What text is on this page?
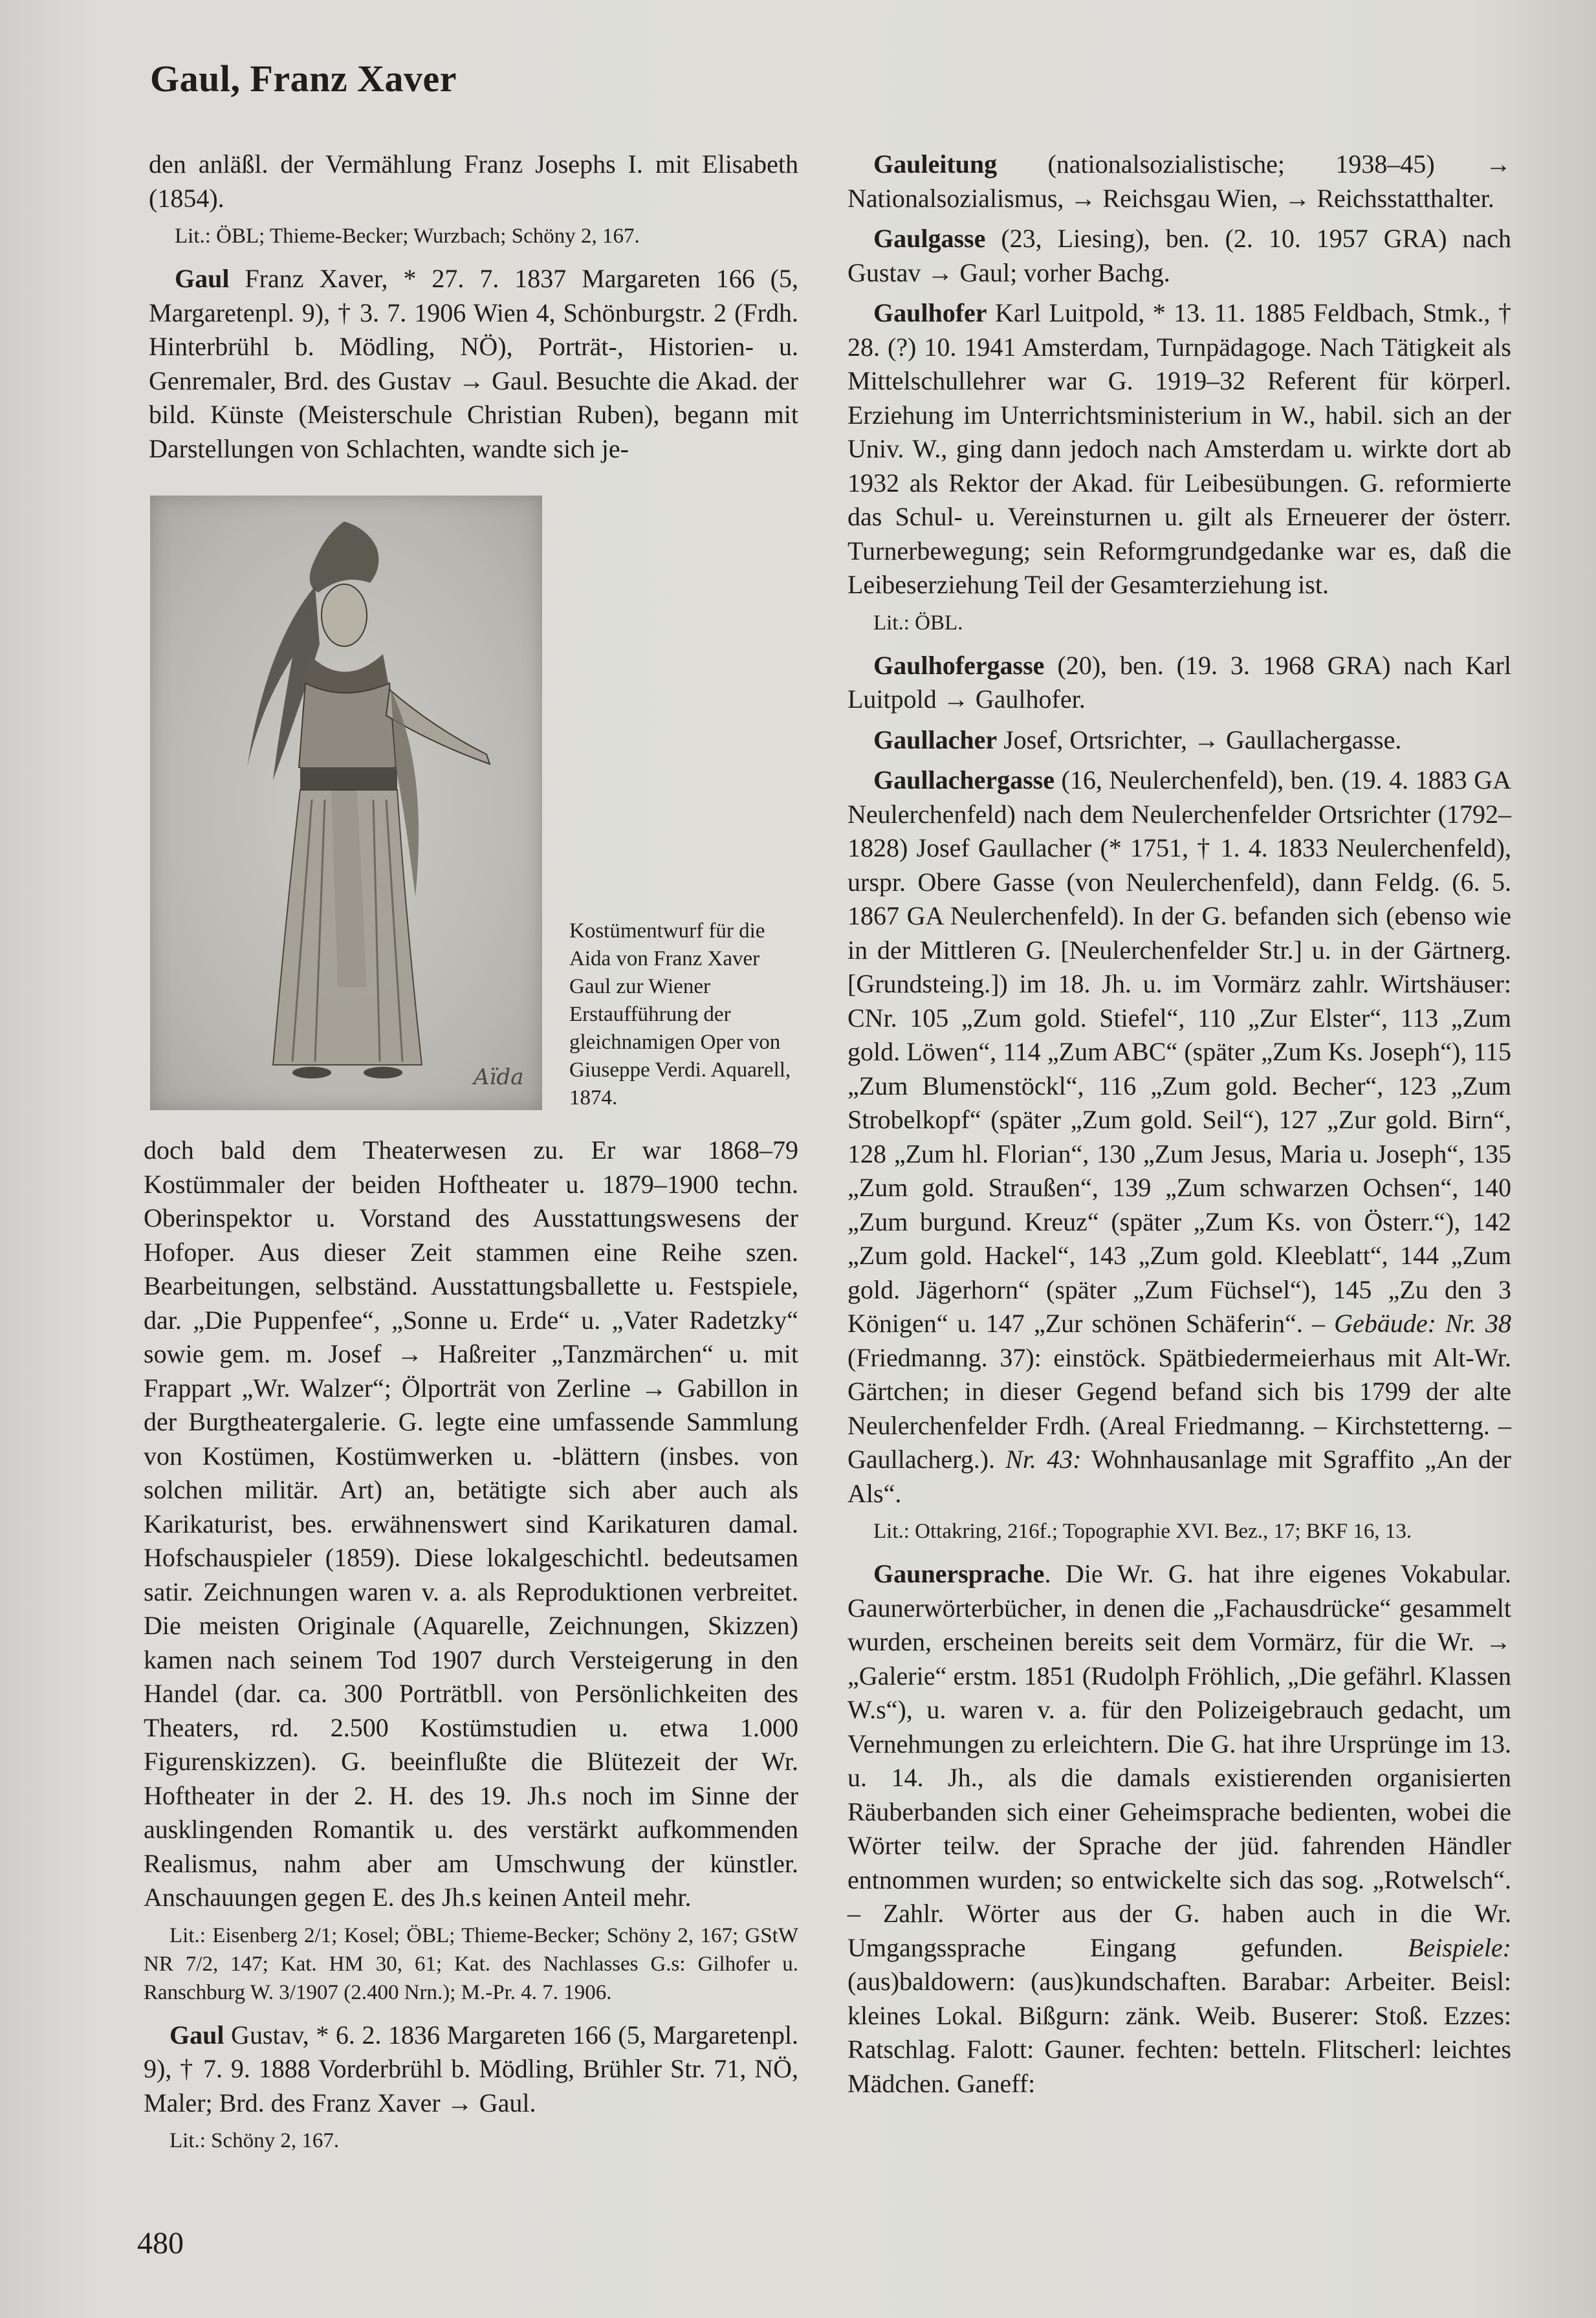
Gaul, Franz Xaver

den anläßl. der Vermählung Franz Josephs I. mit Elisabeth (1854).

Lit.: ÖBL; Thieme-Becker; Wurzbach; Schöny 2, 167.

Gaul Franz Xaver, * 27. 7. 1837 Margareten 166 (5, Margaretenpl. 9), † 3. 7. 1906 Wien 4, Schönburgstr. 2 (Frdh. Hinterbrühl b. Mödling, NÖ), Porträt-, Historien- u. Genremaler, Brd. des Gustav → Gaul. Besuchte die Akad. der bild. Künste (Meisterschule Christian Ruben), begann mit Darstellungen von Schlachten, wandte sich je-

Aïda
Kostümentwurf für die Aida von Franz Xaver Gaul zur Wiener Erstaufführung der gleichnamigen Oper von Giuseppe Verdi. Aquarell, 1874.

doch bald dem Theaterwesen zu. Er war 1868–79 Kostümmaler der beiden Hoftheater u. 1879–1900 techn. Oberinspektor u. Vorstand des Ausstattungswesens der Hofoper. Aus dieser Zeit stammen eine Reihe szen. Bearbeitungen, selbständ. Ausstattungsballette u. Festspiele, dar. „Die Puppenfee“, „Sonne u. Erde“ u. „Vater Radetzky“ sowie gem. m. Josef → Haßreiter „Tanzmärchen“ u. mit Frappart „Wr. Walzer“; Ölporträt von Zerline → Gabillon in der Burgtheatergalerie. G. legte eine umfassende Sammlung von Kostümen, Kostümwerken u. -blättern (insbes. von solchen militär. Art) an, betätigte sich aber auch als Karikaturist, bes. erwähnenswert sind Karikaturen damal. Hofschauspieler (1859). Diese lokalgeschichtl. bedeutsamen satir. Zeichnungen waren v. a. als Reproduktionen verbreitet. Die meisten Originale (Aquarelle, Zeichnungen, Skizzen) kamen nach seinem Tod 1907 durch Versteigerung in den Handel (dar. ca. 300 Porträtbll. von Persönlichkeiten des Theaters, rd. 2.500 Kostümstudien u. etwa 1.000 Figurenskizzen). G. beeinflußte die Blütezeit der Wr. Hoftheater in der 2. H. des 19. Jh.s noch im Sinne der ausklingenden Romantik u. des verstärkt aufkommenden Realismus, nahm aber am Umschwung der künstler. Anschauungen gegen E. des Jh.s keinen Anteil mehr.

Lit.: Eisenberg 2/1; Kosel; ÖBL; Thieme-Becker; Schöny 2, 167; GStW NR 7/2, 147; Kat. HM 30, 61; Kat. des Nachlasses G.s: Gilhofer u. Ranschburg W. 3/1907 (2.400 Nrn.); M.-Pr. 4. 7. 1906.

Gaul Gustav, * 6. 2. 1836 Margareten 166 (5, Margaretenpl. 9), † 7. 9. 1888 Vorderbrühl b. Mödling, Brühler Str. 71, NÖ, Maler; Brd. des Franz Xaver → Gaul.

Lit.: Schöny 2, 167.

Gauleitung (nationalsozialistische; 1938–45) → Nationalsozialismus, → Reichsgau Wien, → Reichsstatthalter.

Gaulgasse (23, Liesing), ben. (2. 10. 1957 GRA) nach Gustav → Gaul; vorher Bachg.

Gaulhofer Karl Luitpold, * 13. 11. 1885 Feldbach, Stmk., † 28. (?) 10. 1941 Amsterdam, Turnpädagoge. Nach Tätigkeit als Mittelschullehrer war G. 1919–32 Referent für körperl. Erziehung im Unterrichtsministerium in W., habil. sich an der Univ. W., ging dann jedoch nach Amsterdam u. wirkte dort ab 1932 als Rektor der Akad. für Leibesübungen. G. reformierte das Schul- u. Vereinsturnen u. gilt als Erneuerer der österr. Turnerbewegung; sein Reformgrundgedanke war es, daß die Leibeserziehung Teil der Gesamterziehung ist.

Lit.: ÖBL.

Gaulhofergasse (20), ben. (19. 3. 1968 GRA) nach Karl Luitpold → Gaulhofer.

Gaullacher Josef, Ortsrichter, → Gaullachergasse.

Gaullachergasse (16, Neulerchenfeld), ben. (19. 4. 1883 GA Neulerchenfeld) nach dem Neulerchenfelder Ortsrichter (1792–1828) Josef Gaullacher (* 1751, † 1. 4. 1833 Neulerchenfeld), urspr. Obere Gasse (von Neulerchenfeld), dann Feldg. (6. 5. 1867 GA Neulerchenfeld). In der G. befanden sich (ebenso wie in der Mittleren G. [Neulerchenfelder Str.] u. in der Gärtnerg. [Grundsteing.]) im 18. Jh. u. im Vormärz zahlr. Wirtshäuser: CNr. 105 „Zum gold. Stiefel“, 110 „Zur Elster“, 113 „Zum gold. Löwen“, 114 „Zum ABC“ (später „Zum Ks. Joseph“), 115 „Zum Blumenstöckl“, 116 „Zum gold. Becher“, 123 „Zum Strobelkopf“ (später „Zum gold. Seil“), 127 „Zur gold. Birn“, 128 „Zum hl. Florian“, 130 „Zum Jesus, Maria u. Joseph“, 135 „Zum gold. Straußen“, 139 „Zum schwarzen Ochsen“, 140 „Zum burgund. Kreuz“ (später „Zum Ks. von Österr.“), 142 „Zum gold. Hackel“, 143 „Zum gold. Kleeblatt“, 144 „Zum gold. Jägerhorn“ (später „Zum Füchsel“), 145 „Zu den 3 Königen“ u. 147 „Zur schönen Schäferin“. – Gebäude: Nr. 38 (Friedmanng. 37): einstöck. Spätbiedermeierhaus mit Alt-Wr. Gärtchen; in dieser Gegend befand sich bis 1799 der alte Neulerchenfelder Frdh. (Areal Friedmanng. – Kirchstetterng. – Gaullacherg.). Nr. 43: Wohnhausanlage mit Sgraffito „An der Als“.

Lit.: Ottakring, 216f.; Topographie XVI. Bez., 17; BKF 16, 13.

Gaunersprache. Die Wr. G. hat ihre eigenes Vokabular. Gaunerwörterbücher, in denen die „Fachausdrücke“ gesammelt wurden, erscheinen bereits seit dem Vormärz, für die Wr. → „Galerie“ erstm. 1851 (Rudolph Fröhlich, „Die gefährl. Klassen W.s“), u. waren v. a. für den Polizeigebrauch gedacht, um Vernehmungen zu erleichtern. Die G. hat ihre Ursprünge im 13. u. 14. Jh., als die damals existierenden organisierten Räuberbanden sich einer Geheimsprache bedienten, wobei die Wörter teilw. der Sprache der jüd. fahrenden Händler entnommen wurden; so entwickelte sich das sog. „Rotwelsch“. – Zahlr. Wörter aus der G. haben auch in die Wr. Umgangssprache Eingang gefunden. Beispiele: (aus)baldowern: (aus)kundschaften. Barabar: Arbeiter. Beisl: kleines Lokal. Bißgurn: zänk. Weib. Buserer: Stoß. Ezzes: Ratschlag. Falott: Gauner. fechten: betteln. Flitscherl: leichtes Mädchen. Ganeff:

480
